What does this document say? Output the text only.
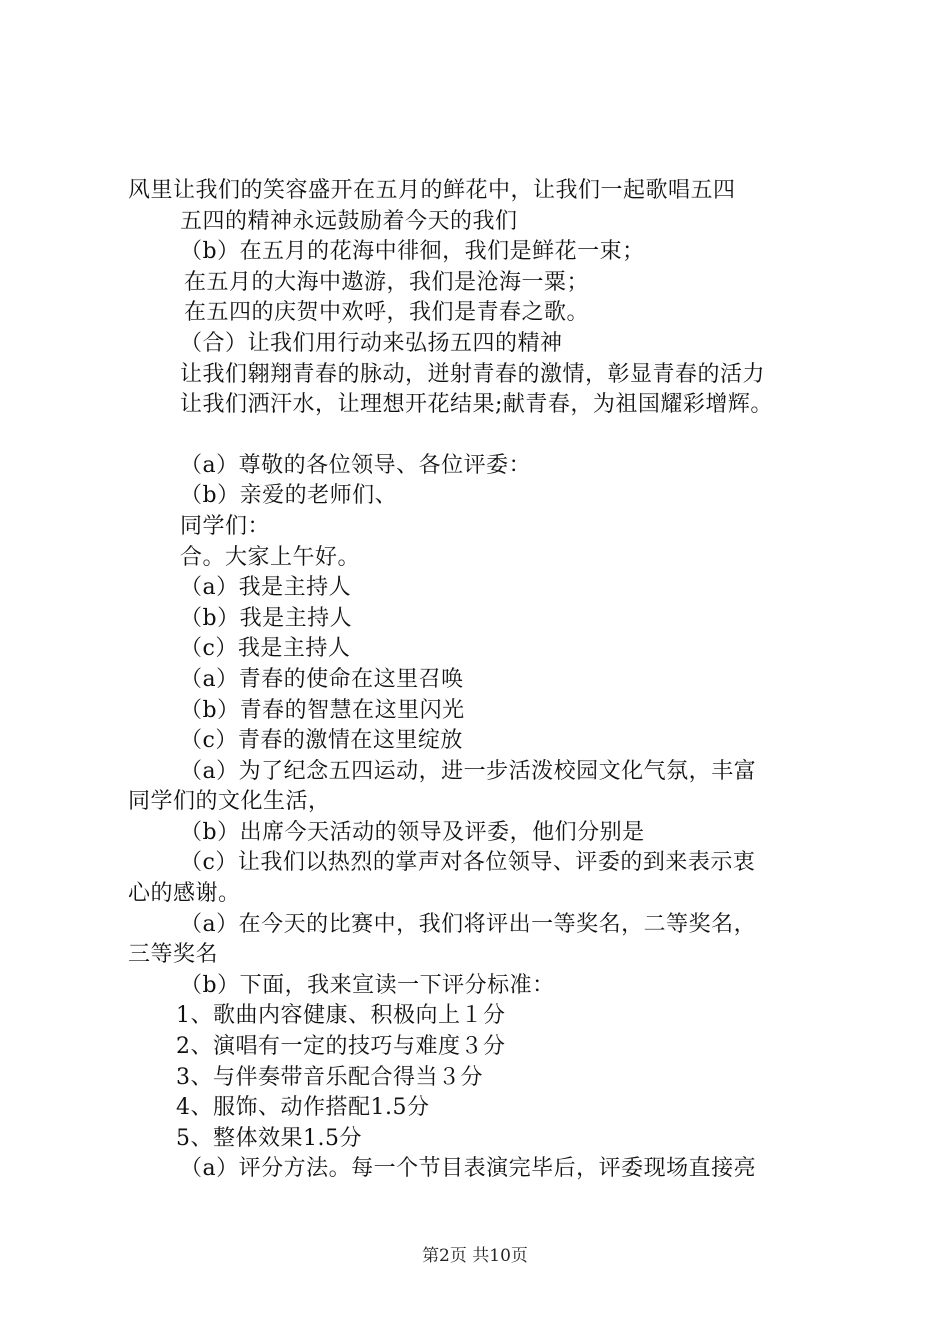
风里让我们的笑容盛开在五月的鲜花中，让我们一起歌唱五四
五四的精神永远鼓励着今天的我们
（b）在五月的花海中徘徊，我们是鲜花一束；
在五月的大海中遨游，我们是沧海一粟；
在五四的庆贺中欢呼，我们是青春之歌。
（合）让我们用行动来弘扬五四的精神
让我们翱翔青春的脉动，迸射青春的激情，彰显青春的活力
让我们洒汗水，让理想开花结果;献青春，为祖国耀彩增辉。
（a）尊敬的各位领导、各位评委：
（b）亲爱的老师们、
同学们：
合。大家上午好。
（a）我是主持人
（b）我是主持人
（c）我是主持人
（a）青春的使命在这里召唤
（b）青春的智慧在这里闪光
（c）青春的激情在这里绽放
（a）为了纪念五四运动，进一步活泼校园文化气氛，丰富
同学们的文化生活，
（b）出席今天活动的领导及评委，他们分别是
（c）让我们以热烈的掌声对各位领导、评委的到来表示衷
心的感谢。
（a）在今天的比赛中，我们将评出一等奖名，二等奖名，
三等奖名
（b）下面，我来宣读一下评分标准：
1、歌曲内容健康、积极向上１分
2、演唱有一定的技巧与难度３分
3、与伴奏带音乐配合得当３分
4、服饰、动作搭配1.5分
5、整体效果1.5分
（a）评分方法。每一个节目表演完毕后，评委现场直接亮
第2页 共10页
